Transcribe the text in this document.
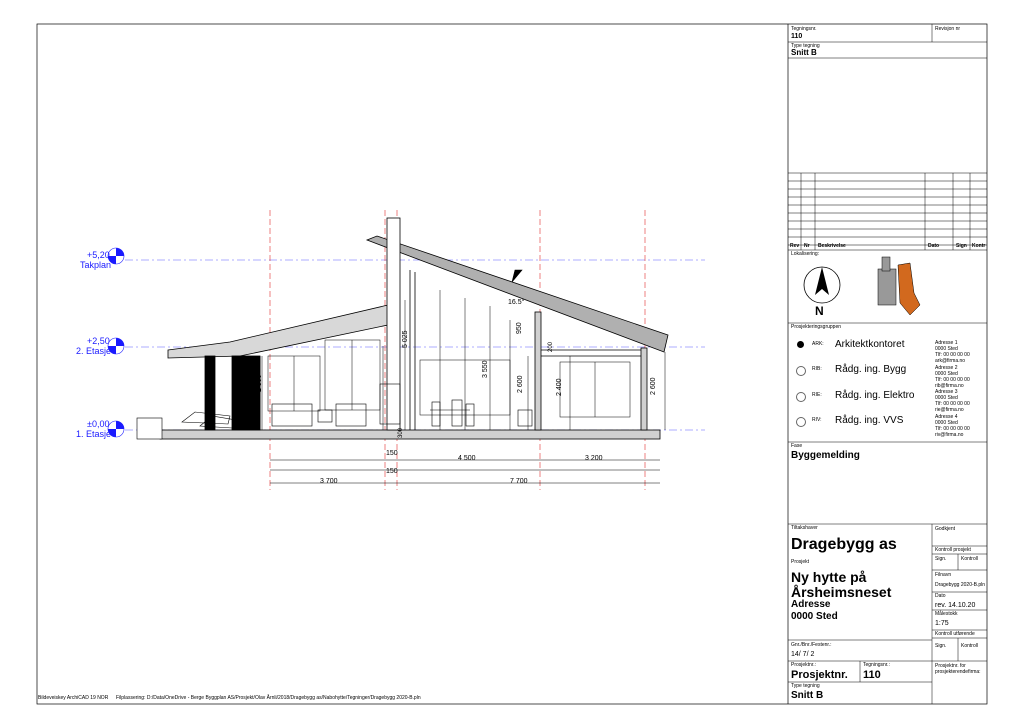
+5,20
Takplan
+2,50
2. Etasje
±0,00
1. Etasje
5 025
2 500
3 550
950
2 600	2 400	2 600
200
300
16.5°
150
4 500	3 200
150
3 700	7 700
Bildeveiskey ArchiCAD 19 NOR Filplassering: D:/Data/OneDrive - Berge Byggplan AS/Prosjekt/Olav Årnli/2018/Dragebygg as/Nabohytte/Tegninger/Dragebygg 2020-B.pln
Tegningsnr.
110
Revisjon nr
Type tegning
Snitt B
Rev Nr Beskrivelse	Dato	Sign Kontr
Lokalisering:
N
Prosjekteringsgruppen
ARK: Arkitektkontoret	Adresse 1
0000 Sted
Tlf: 00 00 00 00
ark@firma.no
RIB: Rådg. ing. Bygg	Adresse 2
0000 Sted
Tlf: 00 00 00 00
rib@firma.no
RIE: Rådg. ing. Elektro	Adresse 3
0000 Sted
Tlf: 00 00 00 00
rie@firma.no
RIV: Rådg. ing. VVS	Adresse 4
0000 Sted
Tlf: 00 00 00 00
riv@firma.no
Fase
Byggemelding
Tiltakshaver
Dragebygg as
Godkjent
Kontroll prosjekt
Sign.	Kontroll
Prosjekt
Ny hytte på
Årsheimsneset
Adresse
0000 Sted
Filnavn
Dragebygg 2020-B.pln
Dato
rev. 14.10.20
Målestokk
1:75
Kontroll utførende
Sign.	Kontroll
Gnr./Bnr./Festenr.:
14/ 7/ 2
Prosjektnr.:
Prosjektnr.
Tegningsnr.:
110
Prosjektnr. for prosjekterendefirma:
Type tegning
Snitt B
